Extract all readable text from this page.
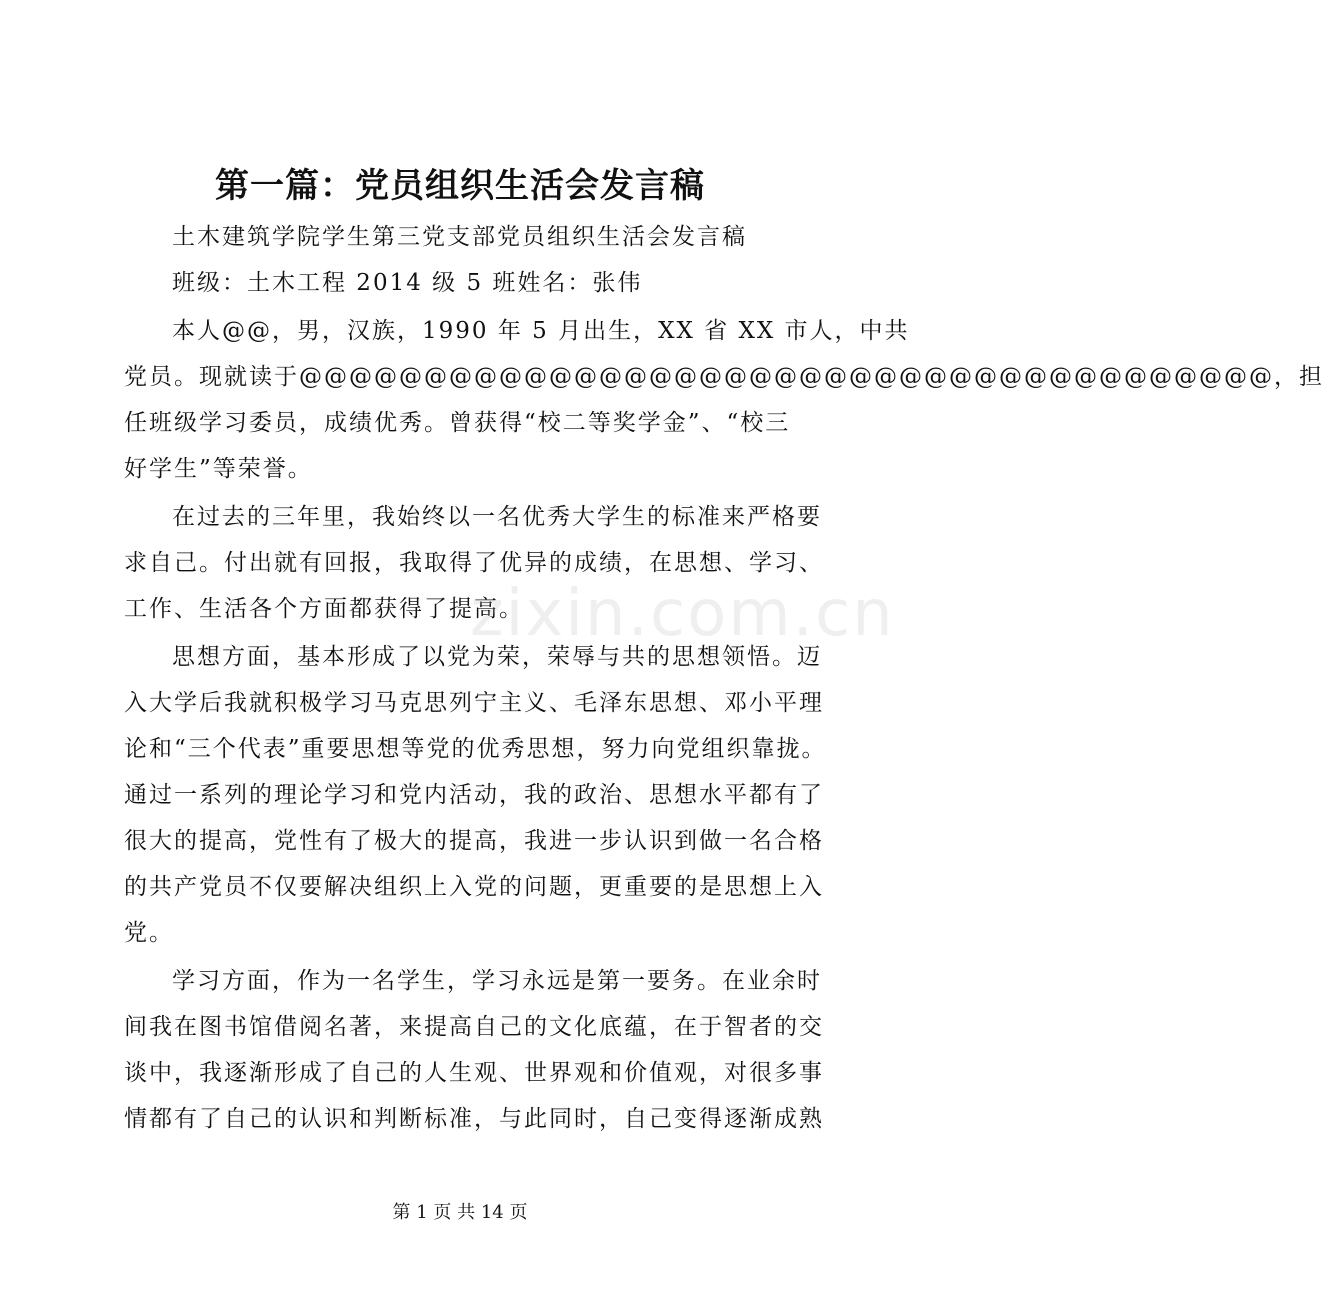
第一篇：党员组织生活会发言稿
土木建筑学院学生第三党支部党员组织生活会发言稿
班级：土木工程 2014 级 5 班姓名：张伟
本人@@，男，汉族，1990 年 5 月出生，XX 省 XX 市人，中共
党员。现就读于@@@@@@@@@@@@@@@@@@@@@@@@@@@@@@@@@@@@@@@，担
任班级学习委员，成绩优秀。曾获得“校二等奖学金”、“校三
好学生”等荣誉。
在过去的三年里，我始终以一名优秀大学生的标准来严格要
求自己。付出就有回报，我取得了优异的成绩，在思想、学习、
工作、生活各个方面都获得了提高。
思想方面，基本形成了以党为荣，荣辱与共的思想领悟。迈
入大学后我就积极学习马克思列宁主义、毛泽东思想、邓小平理
论和“三个代表”重要思想等党的优秀思想，努力向党组织靠拢。
通过一系列的理论学习和党内活动，我的政治、思想水平都有了
很大的提高，党性有了极大的提高，我进一步认识到做一名合格
的共产党员不仅要解决组织上入党的问题，更重要的是思想上入
党。
学习方面，作为一名学生，学习永远是第一要务。在业余时
间我在图书馆借阅名著，来提高自己的文化底蕴，在于智者的交
谈中，我逐渐形成了自己的人生观、世界观和价值观，对很多事
情都有了自己的认识和判断标准，与此同时，自己变得逐渐成熟
zixin.com.cn
第 1 页 共 14 页
